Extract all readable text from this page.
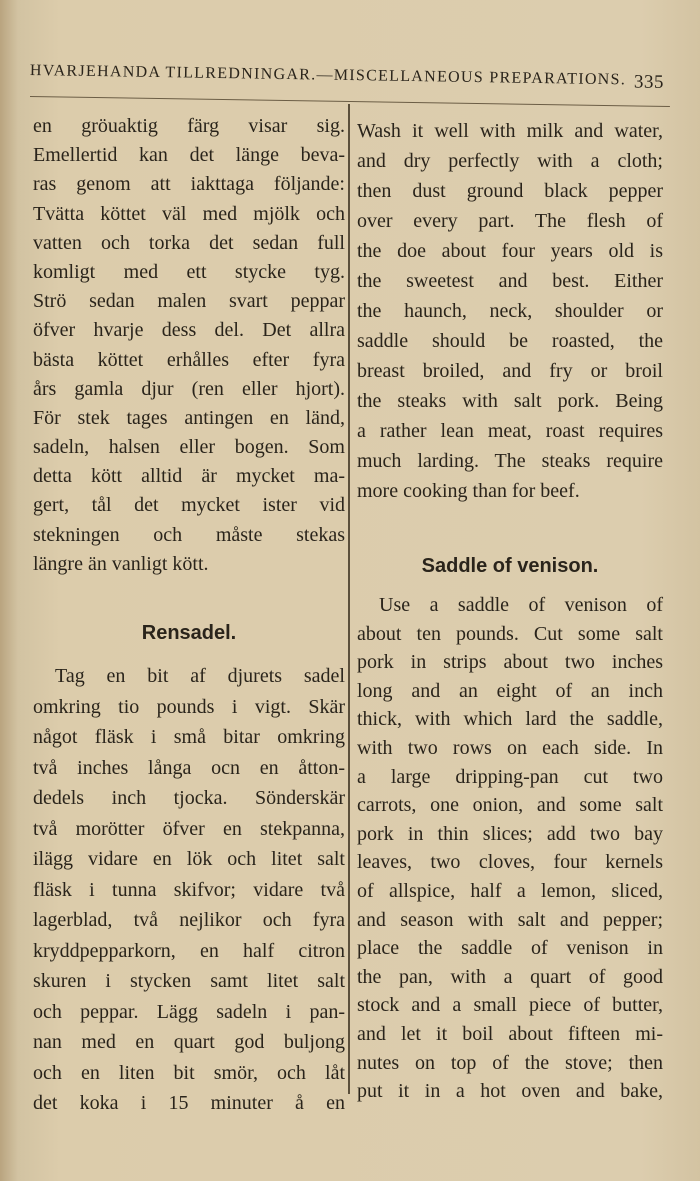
HVARJEHANDA TILLREDNINGAR.—MISCELLANEOUS PREPARATIONS. 335
en gröuaktig färg visar sig.
Emellertid kan det länge beva-
ras genom att iakttaga följande:
Tvätta köttet väl med mjölk och
vatten och torka det sedan full
komligt med ett stycke tyg.
Strö sedan malen svart peppar
öfver hvarje dess del. Det allra
bästa köttet erhålles efter fyra
års gamla djur (ren eller hjort).
För stek tages antingen en länd,
sadeln, halsen eller bogen. Som
detta kött alltid är mycket ma-
gert, tål det mycket ister vid
stekningen och måste stekas
längre än vanligt kött.
Rensadel.
Tag en bit af djurets sadel
omkring tio pounds i vigt. Skär
något fläsk i små bitar omkring
två inches långa ocn en åtton-
dedels inch tjocka. Sönderskär
två morötter öfver en stekpanna,
ilägg vidare en lök och litet salt
fläsk i tunna skifvor; vidare två
lagerblad, två nejlikor och fyra
kryddpepparkorn, en half citron
skuren i stycken samt litet salt
och peppar. Lägg sadeln i pan-
nan med en quart god buljong
och en liten bit smör, och låt
det koka i 15 minuter å en
Wash it well with milk and water,
and dry perfectly with a cloth;
then dust ground black pepper
over every part. The flesh of
the doe about four years old is
the sweetest and best. Either
the haunch, neck, shoulder or
saddle should be roasted, the
breast broiled, and fry or broil
the steaks with salt pork. Being
a rather lean meat, roast requires
much larding. The steaks require
more cooking than for beef.
Saddle of venison.
Use a saddle of venison of
about ten pounds. Cut some salt
pork in strips about two inches
long and an eight of an inch
thick, with which lard the saddle,
with two rows on each side. In
a large dripping-pan cut two
carrots, one onion, and some salt
pork in thin slices; add two bay
leaves, two cloves, four kernels
of allspice, half a lemon, sliced,
and season with salt and pepper;
place the saddle of venison in
the pan, with a quart of good
stock and a small piece of butter,
and let it boil about fifteen mi-
nutes on top of the stove; then
put it in a hot oven and bake,
